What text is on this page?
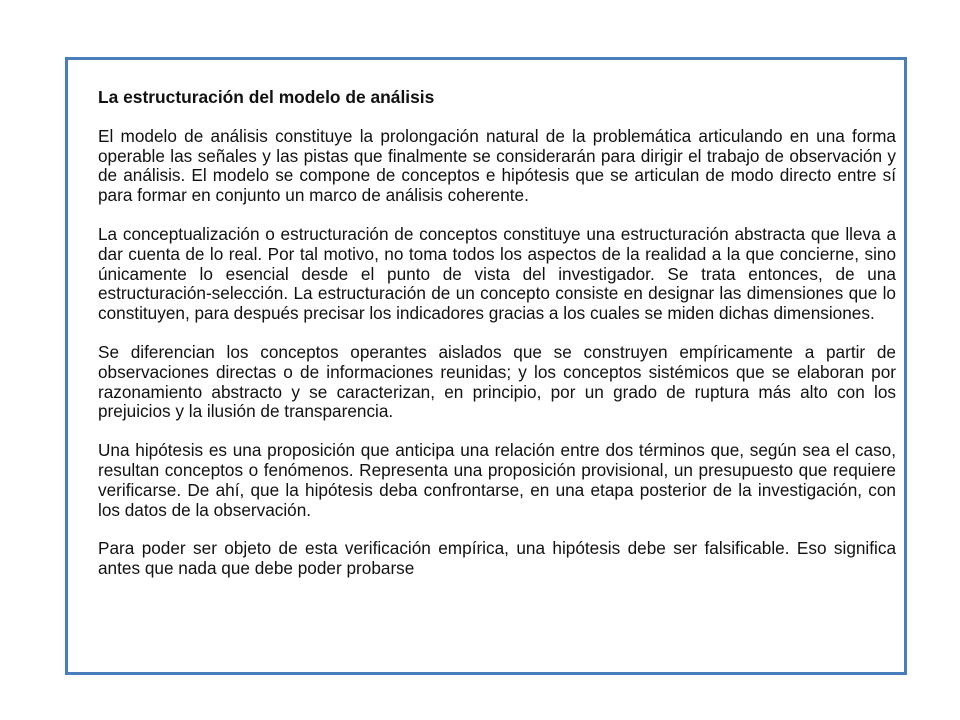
La estructuración del modelo de análisis

El modelo de análisis constituye la prolongación natural de la problemática articulando en una forma operable las señales y las pistas que finalmente se considerarán para dirigir el trabajo de observación y de análisis. El modelo se compone de conceptos e hipótesis que se articulan de modo directo entre sí para formar en conjunto un marco de análisis coherente.

La conceptualización o estructuración de conceptos constituye una estructuración abstracta que lleva a dar cuenta de lo real. Por tal motivo, no toma todos los aspectos de la realidad a la que concierne, sino únicamente lo esencial desde el punto de vista del investigador. Se trata entonces, de una estructuración-selección. La estructuración de un concepto consiste en designar las dimensiones que lo constituyen, para después precisar los indicadores gracias a los cuales se miden dichas dimensiones.

Se diferencian los conceptos operantes aislados que se construyen empíricamente a partir de observaciones directas o de informaciones reunidas; y los conceptos sistémicos que se elaboran por razonamiento abstracto y se caracterizan, en principio, por un grado de ruptura más alto con los prejuicios y la ilusión de transparencia.

Una hipótesis es una proposición que anticipa una relación entre dos términos que, según sea el caso, resultan conceptos o fenómenos. Representa una proposición provisional, un presupuesto que requiere verificarse. De ahí, que la hipótesis deba confrontarse, en una etapa posterior de la investigación, con los datos de la observación.

Para poder ser objeto de esta verificación empírica, una hipótesis debe ser falsificable. Eso significa antes que nada que debe poder probarse
